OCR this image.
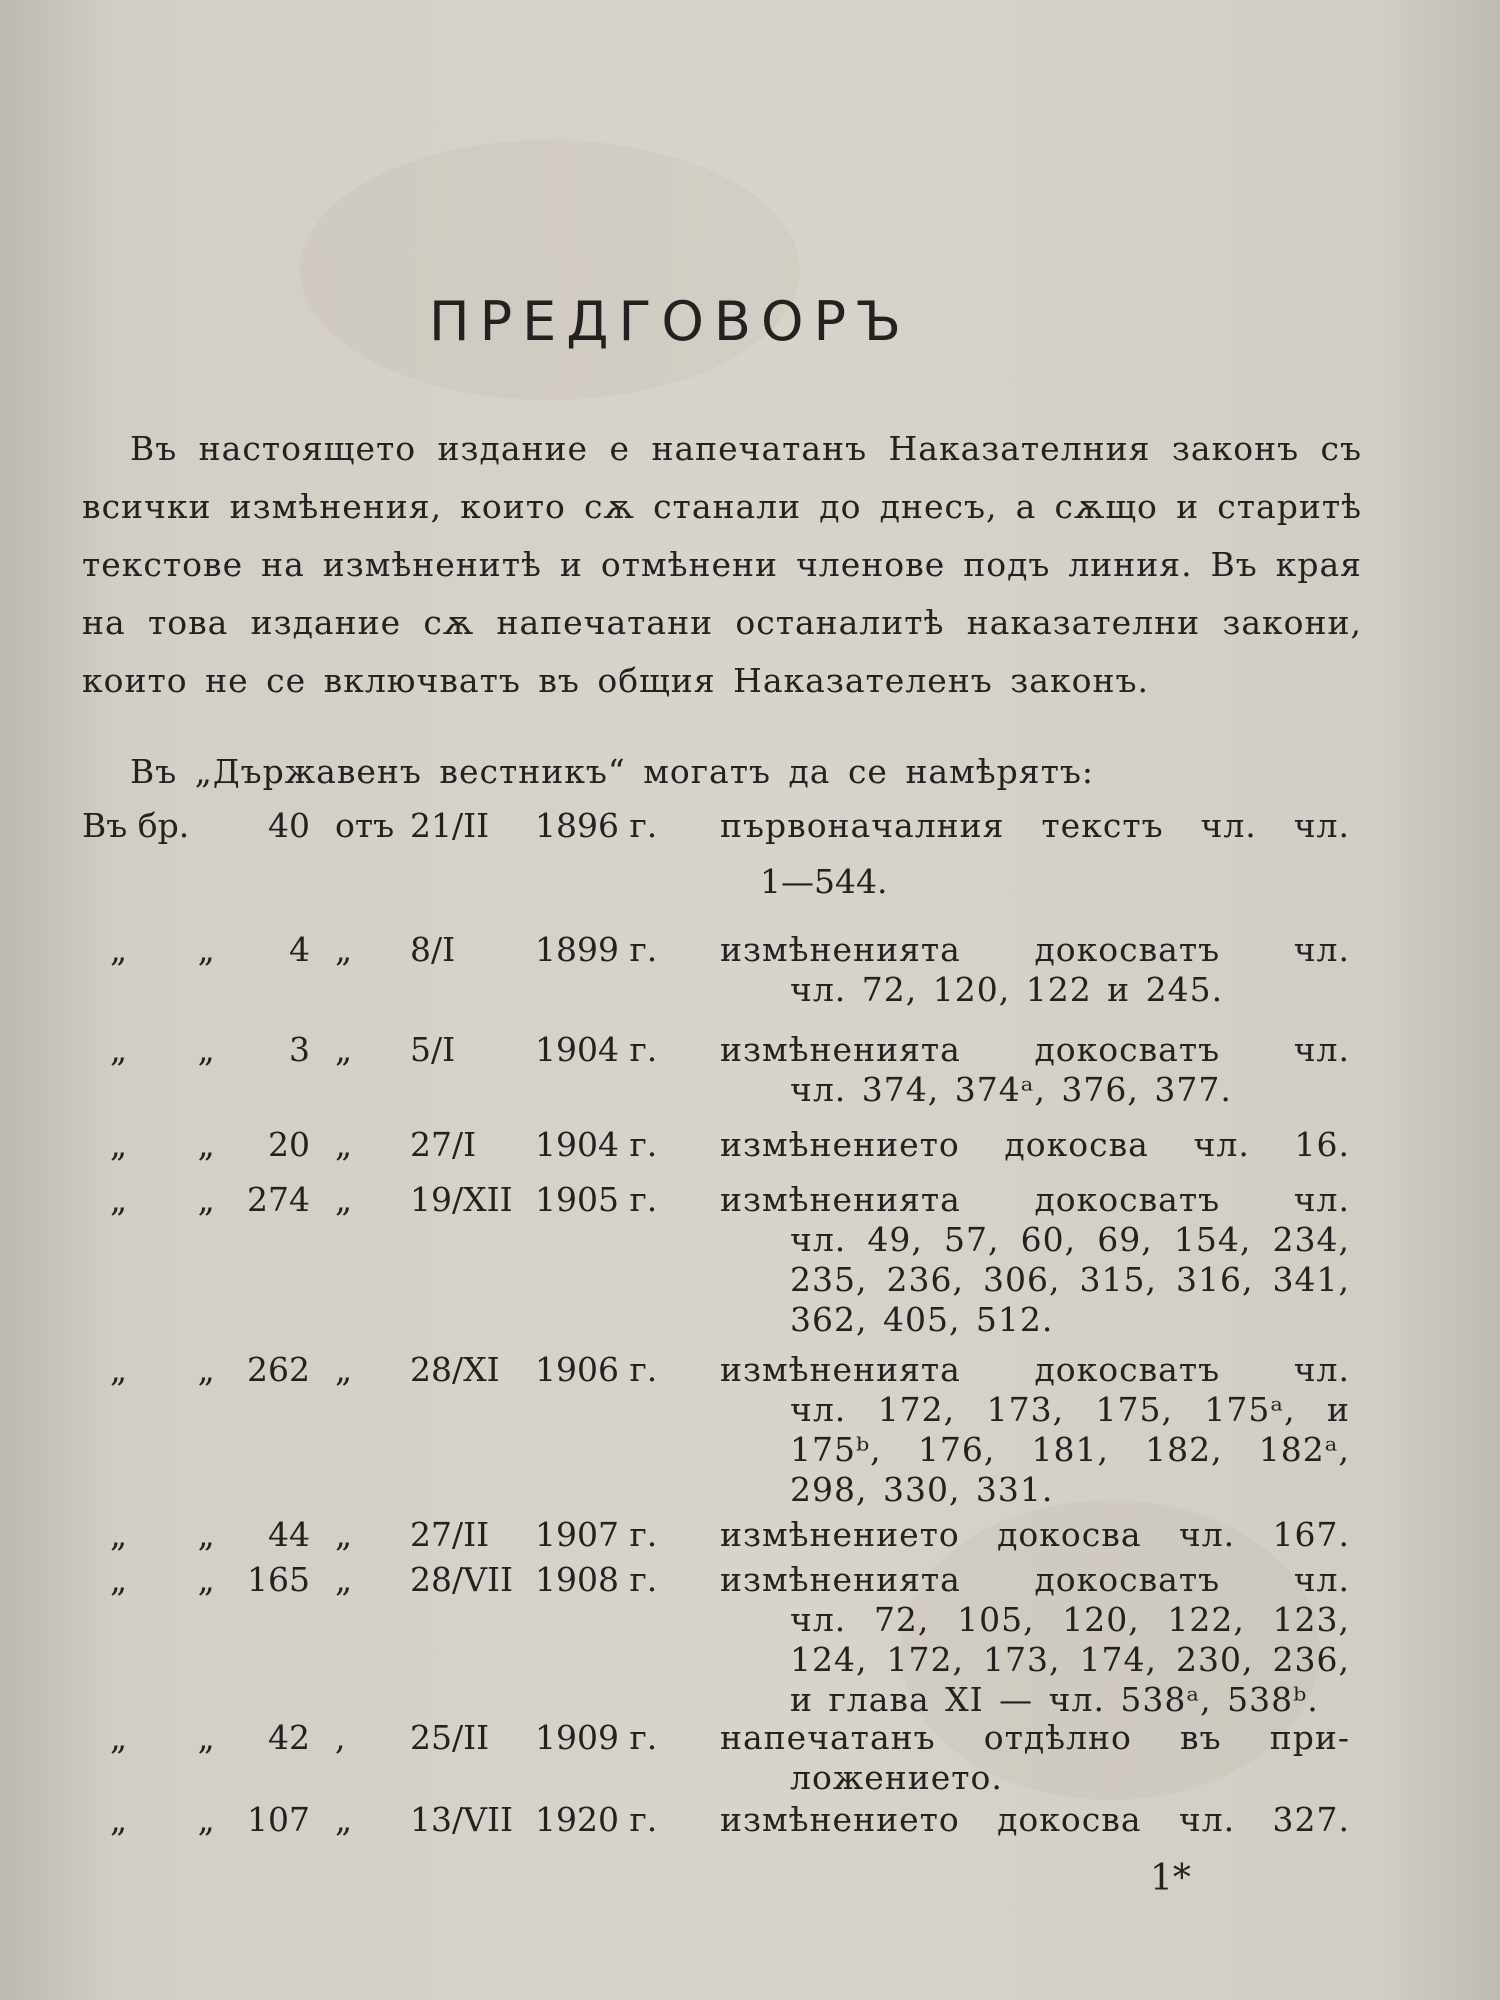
ПРЕДГОВОРЪ
Въ настоящето издание е напечатанъ Наказателния законъ съ всички измѣнения, които сѫ станали до днесъ, а сѫщо и старитѣ текстове на измѣненитѣ и отмѣнени членове подъ линия. Въ края на това издание сѫ напечатани останалитѣ наказателни закони, които не се включватъ въ общия Наказателенъ законъ.
Въ „Държавенъ вестникъ“ могатъ да се намѣрятъ:
Въ бр.	40 отъ 21/II	1896 г. първоначалния текстъ чл. чл.
1—544.
„ „	4 „	8/I	1899 г. измѣненията докосватъ чл.
чл. 72, 120, 122 и 245.
„ „	3 „	5/I	1904 г. измѣненията докосватъ чл.
чл. 374, 374ᵃ, 376, 377.
„ „ 20 „	27/I	1904 г. измѣнението докосва чл. 16.
„ „ 274 „	19/XII 1905 г. измѣненията докосватъ чл.
чл. 49, 57, 60, 69, 154, 234, 235, 236, 306, 315, 316, 341, 362, 405, 512.
„ „ 262 „	28/XI	1906 г. измѣненията докосватъ чл.
чл. 172, 173, 175, 175ᵃ, и 175ᵇ, 176, 181, 182, 182ᵃ, 298, 330, 331.
„ „ 44 „	27/II	1907 г. измѣнението докосва чл. 167.
„ „ 165 „	28/VII 1908 г. измѣненията докосватъ чл.
чл. 72, 105, 120, 122, 123, 124, 172, 173, 174, 230, 236, и глава XI — чл. 538ᵃ, 538ᵇ.
„ „ 42 ,	25/II	1909 г. напечатанъ отдѣлно въ при-
ложението.
„ „ 107 „	13/VII 1920 г. измѣнението докосва чл. 327.
1*
